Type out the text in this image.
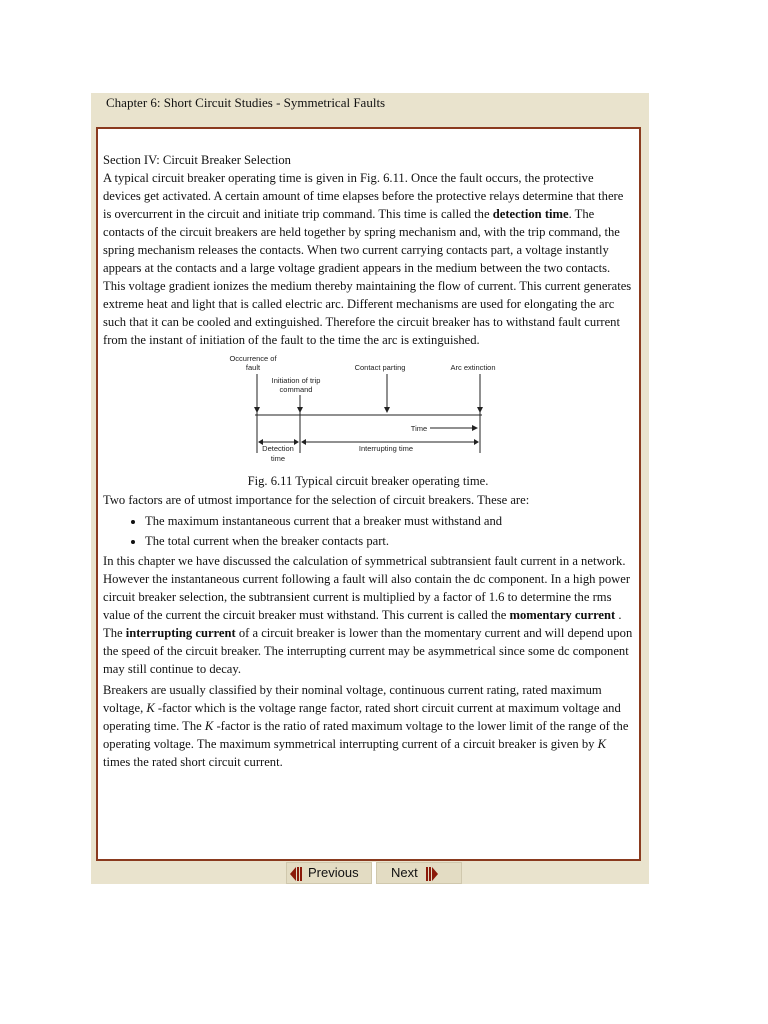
Chapter 6: Short Circuit Studies - Symmetrical Faults

Section IV: Circuit Breaker Selection

A typical circuit breaker operating time is given in Fig. 6.11. Once the fault occurs, the protective devices get activated. A certain amount of time elapses before the protective relays determine that there is overcurrent in the circuit and initiate trip command. This time is called the detection time. The contacts of the circuit breakers are held together by spring mechanism and, with the trip command, the spring mechanism releases the contacts. When two current carrying contacts part, a voltage instantly appears at the contacts and a large voltage gradient appears in the medium between the two contacts. This voltage gradient ionizes the medium thereby maintaining the flow of current. This current generates extreme heat and light that is called electric arc. Different mechanisms are used for elongating the arc such that it can be cooled and extinguished. Therefore the circuit breaker has to withstand fault current from the instant of initiation of the fault to the time the arc is extinguished.

Occurrence of
fault
Initiation of trip
command
Contact parting	Arc extinction
Time
Detection
time
Interrupting time

Fig. 6.11 Typical circuit breaker operating time.

Two factors are of utmost importance for the selection of circuit breakers. These are:

• The maximum instantaneous current that a breaker must withstand and
• The total current when the breaker contacts part.

In this chapter we have discussed the calculation of symmetrical subtransient fault current in a network. However the instantaneous current following a fault will also contain the dc component. In a high power circuit breaker selection, the subtransient current is multiplied by a factor of 1.6 to determine the rms value of the current the circuit breaker must withstand. This current is called the momentary current . The interrupting current of a circuit breaker is lower than the momentary current and will depend upon the speed of the circuit breaker. The interrupting current may be asymmetrical since some dc component may still continue to decay.

Breakers are usually classified by their nominal voltage, continuous current rating, rated maximum voltage, K -factor which is the voltage range factor, rated short circuit current at maximum voltage and operating time. The K -factor is the ratio of rated maximum voltage to the lower limit of the range of the operating voltage. The maximum symmetrical interrupting current of a circuit breaker is given by K times the rated short circuit current.

Previous Next
